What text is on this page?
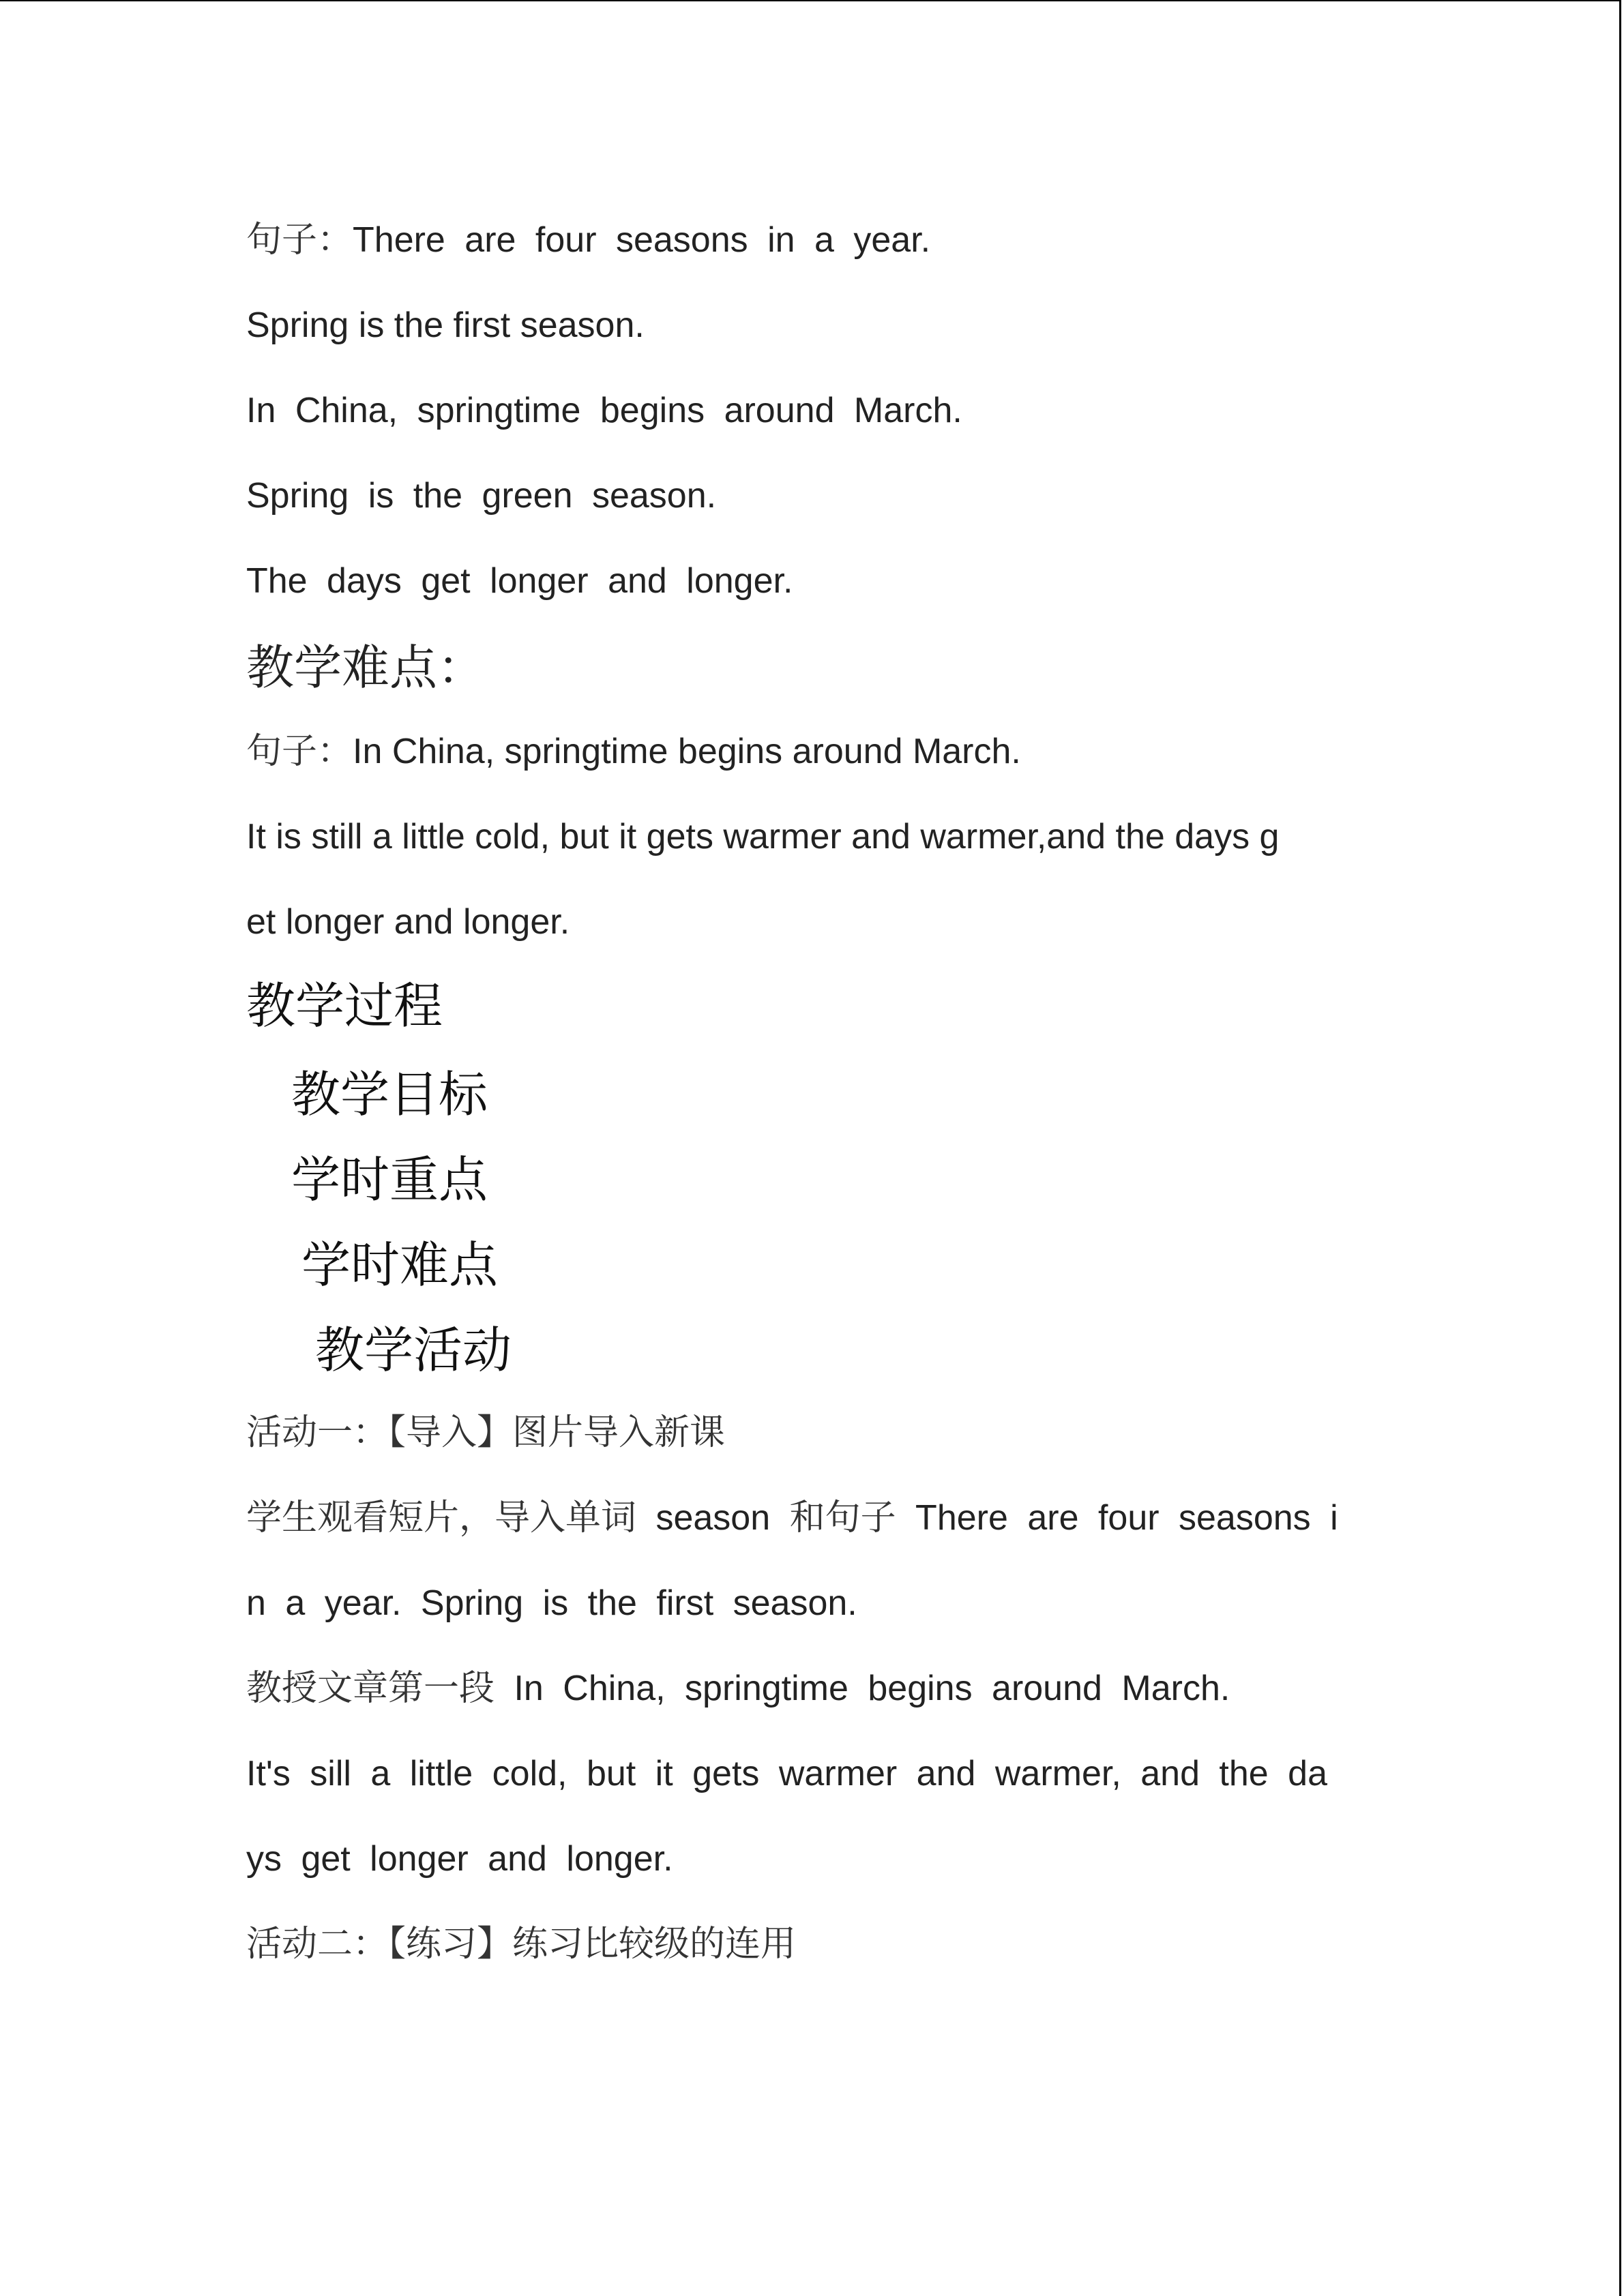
句子：There are four seasons in a year.
Spring is the first season.
In China, springtime begins around March.
Spring is the green season.
The days get longer and longer.
教学难点：
句子：In China, springtime begins around March.
It is still a little cold, but it gets warmer and warmer,and the days g
et longer and longer.
教学过程
教学目标
学时重点
学时难点
教学活动
活动一：【导入】图片导入新课
学生观看短片，导入单词 season 和句子 There are four seasons i
n a year. Spring is the first season.
教授文章第一段 In China, springtime begins around March.
It's sill a little cold, but it gets warmer and warmer, and the da
ys get longer and longer.
活动二：【练习】练习比较级的连用
